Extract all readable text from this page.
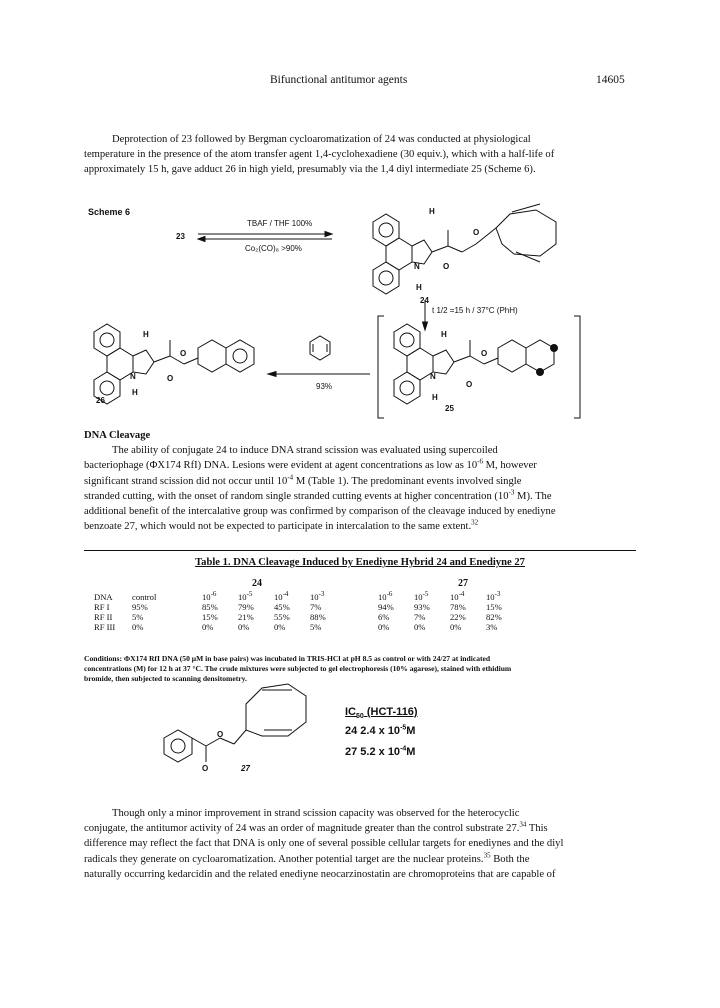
Bifunctional antitumor agents	14605
Deprotection of 23 followed by Bergman cycloaromatization of 24 was conducted at physiological
temperature in the presence of the atom transfer agent 1,4-cyclohexadiene (30 equiv.), which with a half-life of
approximately 15 h, gave adduct 26 in high yield, presumably via the 1,4 diyl intermediate 25 (Scheme 6).
Scheme 6
23
TBAF / THF 100%
Co₂(CO)₈ >90%
H
N
H
O
O
24
t 1/2 =15 h / 37°C (PhH)
H
N
H
O
O
26
93%
H
N
H
O
O
25
DNA Cleavage
The ability of conjugate 24 to induce DNA strand scission was evaluated using supercoiled
bacteriophage (ΦX174 RfI) DNA. Lesions were evident at agent concentrations as low as $10^{-6}$ M, however
significant strand scission did not occur until $10^{-4}$ M (Table 1). The predominant events involved single
stranded cutting, with the onset of random single stranded cutting events at higher concentration ($10^{-3}$ M). The
additional benefit of the intercalative group was confirmed by comparison of the cleavage induced by enediyne
benzoate 27, which would not be expected to participate in intercalation to the same extent.$^{32}$
Table 1. DNA Cleavage Induced by Enediyne Hybrid 24 and Enediyne 27
24	27
DNA	control	$10^{-6}$	$10^{-5}$	$10^{-4}$	$10^{-3}$	$10^{-6}$	$10^{-5}$	$10^{-4}$	$10^{-3}$
RF I	95%	85%	79%	45%	7%	94%	93%	78%	15%
RF II	5%	15%	21%	55%	88%	6%	7%	22%	82%
RF III	0%	0%	0%	0%	5%	0%	0%	0%	3%
Conditions: ΦX174 RfI DNA (50 μM in base pairs) was incubated in TRIS-HCl at pH 8.5 as control or with 24/27 at indicated
concentrations (M) for 12 h at 37 °C. The crude mixtures were subjected to gel electrophoresis (10% agarose), stained with ethidium
bromide, then subjected to scanning densitometry.
O
O
27
$IC_{50}$ (HCT-116)
24 2.4 x $10^{-5}M$
27 5.2 x $10^{-4}M$
Though only a minor improvement in strand scission capacity was observed for the heterocyclic
conjugate, the antitumor activity of 24 was an order of magnitude greater than the control substrate 27.34 This
difference may reflect the fact that DNA is only one of several possible cellular targets for enediynes and the diyl
radicals they generate on cycloaromatization. Another potential target are the nuclear proteins.$^{35}$ Both the
naturally occurring kedarcidin and the related enediyne neocarzinostatin are chromoproteins that are capable of
